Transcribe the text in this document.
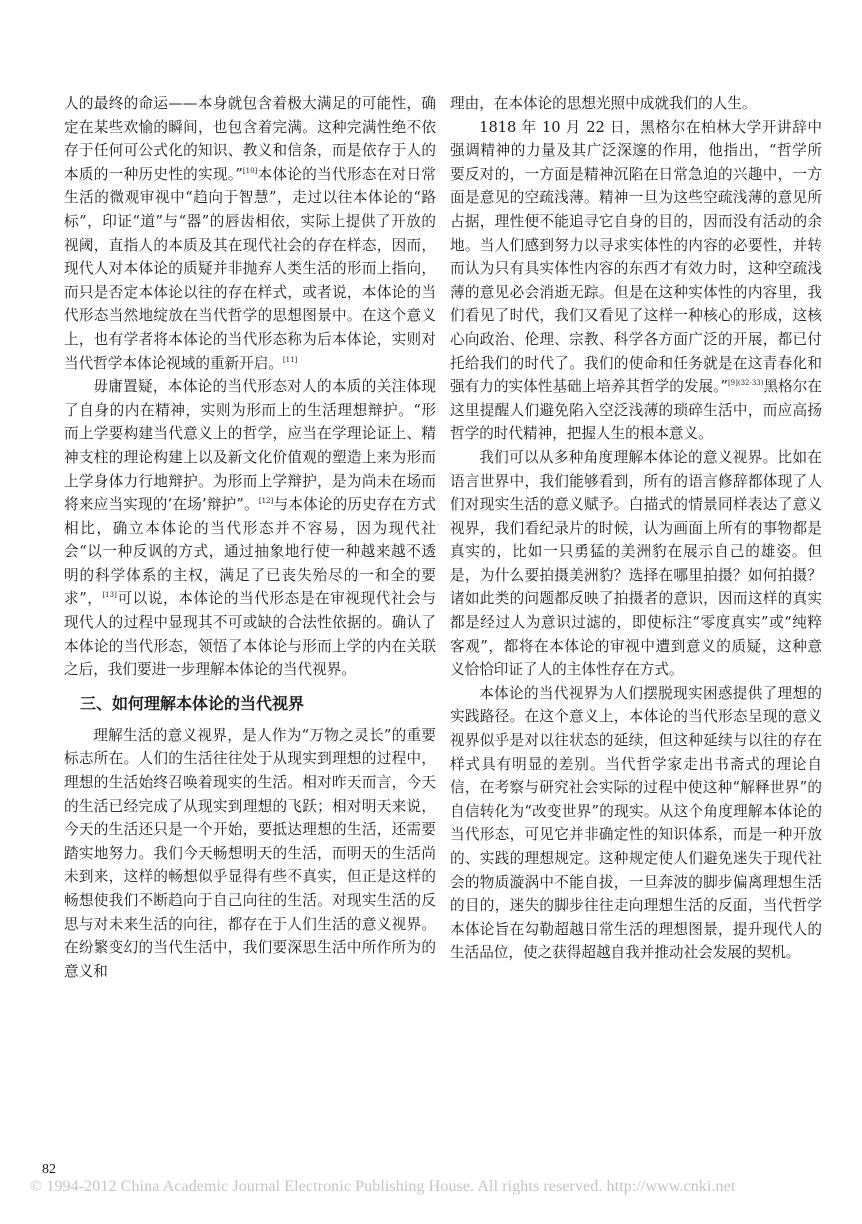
人的最终的命运——本身就包含着极大满足的可能性，确定在某些欢愉的瞬间，也包含着完满。这种完满性绝不依存于任何可公式化的知识、教义和信条，而是依存于人的本质的一种历史性的实现。”[10]本体论的当代形态在对日常生活的微观审视中“趋向于智慧”，走过以往本体论的“路标”，印证“道”与“器”的唇齿相依，实际上提供了开放的视阈，直指人的本质及其在现代社会的存在样态，因而，现代人对本体论的质疑并非抛弃人类生活的形而上指向，而只是否定本体论以往的存在样式，或者说，本体论的当代形态当然地绽放在当代哲学的思想图景中。在这个意义上，也有学者将本体论的当代形态称为后本体论，实则对当代哲学本体论视域的重新开启。[11]

毋庸置疑，本体论的当代形态对人的本质的关注体现了自身的内在精神，实则为形而上的生活理想辩护。“形而上学要构建当代意义上的哲学，应当在学理论证上、精神支柱的理论构建上以及新文化价值观的塑造上来为形而上学身体力行地辩护。为形而上学辩护，是为尚未在场而将来应当实现的‘在场’辩护”。[12]与本体论的历史存在方式相比，确立本体论的当代形态并不容易，因为现代社会“以一种反讽的方式，通过抽象地行使一种越来越不透明的科学体系的主权，满足了已丧失殆尽的一和全的要求”，[13]可以说，本体论的当代形态是在审视现代社会与现代人的过程中显现其不可或缺的合法性依据的。确认了本体论的当代形态，领悟了本体论与形而上学的内在关联之后，我们要进一步理解本体论的当代视界。

三、如何理解本体论的当代视界

理解生活的意义视界，是人作为“万物之灵长”的重要标志所在。人们的生活往往处于从现实到理想的过程中，理想的生活始终召唤着现实的生活。相对昨天而言，今天的生活已经完成了从现实到理想的飞跃；相对明天来说，今天的生活还只是一个开始，要抵达理想的生活，还需要踏实地努力。我们今天畅想明天的生活，而明天的生活尚未到来，这样的畅想似乎显得有些不真实，但正是这样的畅想使我们不断趋向于自己向往的生活。对现实生活的反思与对未来生活的向往，都存在于人们生活的意义视界。在纷繁变幻的当代生活中，我们要深思生活中所作所为的意义和

理由，在本体论的思想光照中成就我们的人生。

1818 年 10 月 22 日，黑格尔在柏林大学开讲辞中强调精神的力量及其广泛深邃的作用，他指出，“哲学所要反对的，一方面是精神沉陷在日常急迫的兴趣中，一方面是意见的空疏浅薄。精神一旦为这些空疏浅薄的意见所占据，理性便不能追寻它自身的目的，因而没有活动的余地。当人们感到努力以寻求实体性的内容的必要性，并转而认为只有具实体性内容的东西才有效力时，这种空疏浅薄的意见必会消逝无踪。但是在这种实体性的内容里，我们看见了时代，我们又看见了这样一种核心的形成，这核心向政治、伦理、宗教、科学各方面广泛的开展，都已付托给我们的时代了。我们的使命和任务就是在这青春化和强有力的实体性基础上培养其哲学的发展。”$^{[9](32-33)}$黑格尔在这里提醒人们避免陷入空泛浅薄的琐碎生活中，而应高扬哲学的时代精神，把握人生的根本意义。

我们可以从多种角度理解本体论的意义视界。比如在语言世界中，我们能够看到，所有的语言修辞都体现了人们对现实生活的意义赋予。白描式的情景同样表达了意义视界，我们看纪录片的时候，认为画面上所有的事物都是真实的，比如一只勇猛的美洲豹在展示自己的雄姿。但是，为什么要拍摄美洲豹？选择在哪里拍摄？如何拍摄？诸如此类的问题都反映了拍摄者的意识，因而这样的真实都是经过人为意识过滤的，即使标注“零度真实”或“纯粹客观”，都将在本体论的审视中遭到意义的质疑，这种意义恰恰印证了人的主体性存在方式。

本体论的当代视界为人们摆脱现实困惑提供了理想的实践路径。在这个意义上，本体论的当代形态呈现的意义视界似乎是对以往状态的延续，但这种延续与以往的存在样式具有明显的差别。当代哲学家走出书斋式的理论自信，在考察与研究社会实际的过程中使这种“解释世界”的自信转化为“改变世界”的现实。从这个角度理解本体论的当代形态，可见它并非确定性的知识体系，而是一种开放的、实践的理想规定。这种规定使人们避免迷失于现代社会的物质漩涡中不能自拔，一旦奔波的脚步偏离理想生活的目的，迷失的脚步往往走向理想生活的反面，当代哲学本体论旨在勾勒超越日常生活的理想图景，提升现代人的生活品位，使之获得超越自我并推动社会发展的契机。

82
© 1994-2012 China Academic Journal Electronic Publishing House. All rights reserved. http://www.cnki.net
